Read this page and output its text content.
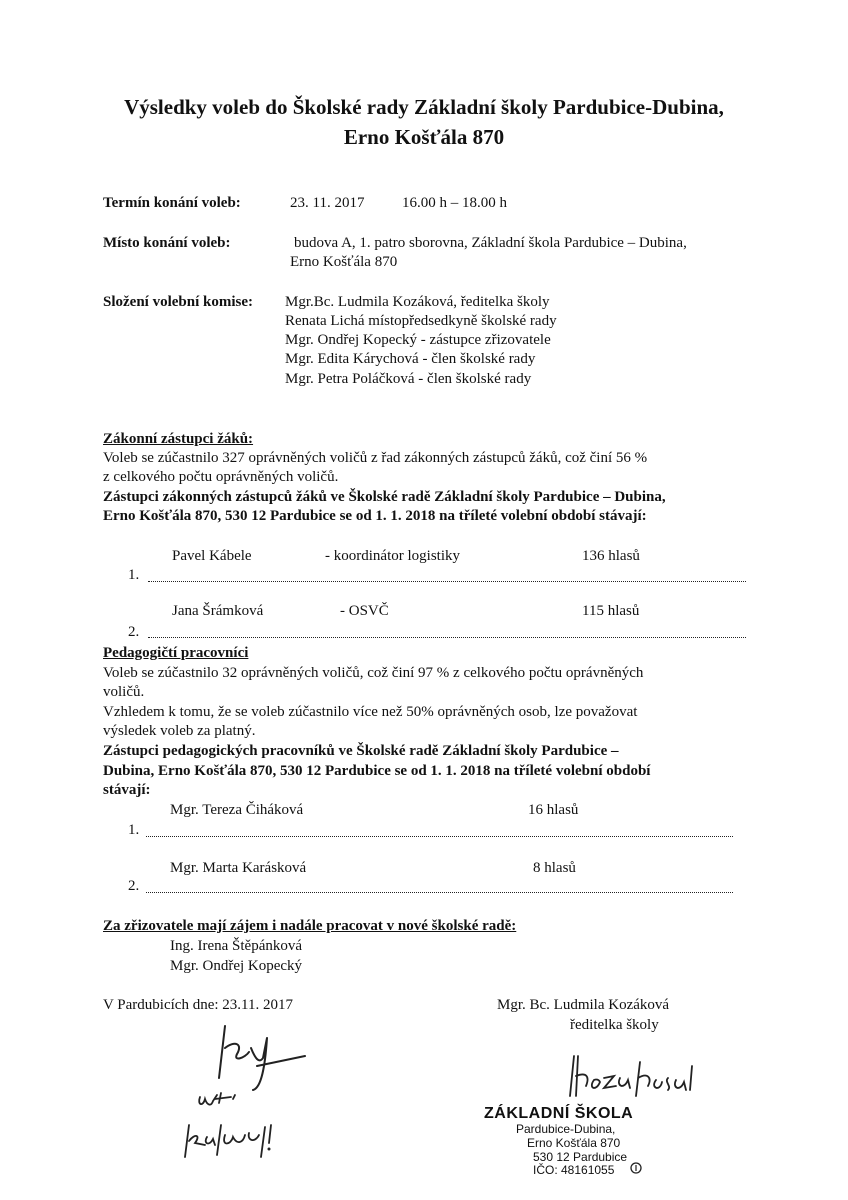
Výsledky voleb do Školské rady Základní školy Pardubice-Dubina,
Erno Košťála 870
Termín konání voleb:	23. 11. 2017	16.00 h – 18.00 h
Místo konání voleb:	budova A, 1. patro sborovna, Základní škola Pardubice – Dubina,
Erno Košťála 870
Složení volební komise: Mgr.Bc. Ludmila Kozáková, ředitelka školy
Renata Lichá místopředsedkyně školské rady
Mgr. Ondřej Kopecký - zástupce zřizovatele
Mgr. Edita Kárychová - člen školské rady
Mgr. Petra Poláčková - člen školské rady
Zákonní zástupci žáků:
Voleb se zúčastnilo 327 oprávněných voličů z řad zákonných zástupců žáků, což činí 56 %
z celkového počtu oprávněných voličů.
Zástupci zákonných zástupců žáků ve Školské radě Základní školy Pardubice – Dubina,
Erno Košťála 870, 530 12 Pardubice se od 1. 1. 2018 na tříleté volební období stávají:
Pavel Kábele	- koordinátor logistiky	136 hlasů
1.
Jana Šrámková	- OSVČ	115 hlasů
2.
Pedagogičtí pracovníci
Voleb se zúčastnilo 32 oprávněných voličů, což činí 97 % z celkového počtu oprávněných
voličů.
Vzhledem k tomu, že se voleb zúčastnilo více než 50% oprávněných osob, lze považovat
výsledek voleb za platný.
Zástupci pedagogických pracovníků ve Školské radě Základní školy Pardubice –
Dubina, Erno Košťála 870, 530 12 Pardubice se od 1. 1. 2018 na tříleté volební období
stávají:
Mgr. Tereza Čiháková	16 hlasů
1.
Mgr. Marta Karásková	8 hlasů
2.
Za zřizovatele mají zájem i nadále pracovat v nové školské radě:
Ing. Irena Štěpánková
Mgr. Ondřej Kopecký
V Pardubicích dne: 23.11. 2017	Mgr. Bc. Ludmila Kozáková
ředitelka školy
ZÁKLADNÍ ŠKOLA
Pardubice-Dubina,
Erno Košťála 870
530 12 Pardubice
IČO: 48161055
